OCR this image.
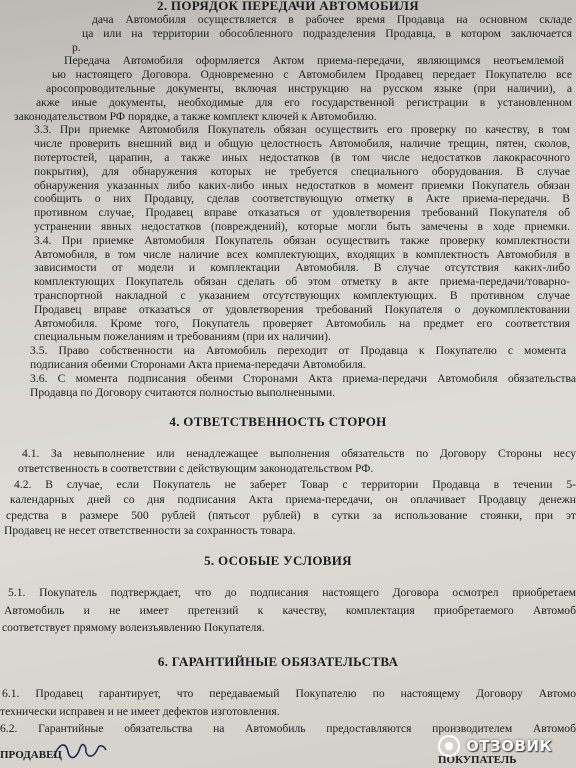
2. ПОРЯДОК ПЕРЕДАЧИ АВТОМОБИЛЯ
дача Автомобиля осуществляется в рабочее время Продавца на основном складе
ца или на территории обособленного подразделения Продавца, в котором заключается
р.
Передача Автомобиля оформляется Актом приема-передачи, являющимся неотъемлемой
ью настоящего Договора. Одновременно с Автомобилем Продавец передает Покупателю все
аросопроводительные документы, включая инструкцию на русском языке (при наличии), а
акже иные документы, необходимые для его государственной регистрации в установленном
законодательством РФ порядке, а также комплект ключей к Автомобилю.
3.3. При приемке Автомобиля Покупатель обязан осуществить его проверку по качеству, в том
числе проверить внешний вид и общую целостность Автомобиля, наличие трещин, пятен, сколов,
потертостей, царапин, а также иных недостатков (в том числе недостатков лакокрасочного
покрытия), для обнаружения которых не требуется специального оборудования. В случае
обнаружения указанных либо каких-либо иных недостатков в момент приемки Покупатель обязан
сообщить о них Продавцу, сделав соответствующую отметку в Акте приема-передачи. В
противном случае, Продавец вправе отказаться от удовлетворения требований Покупателя об
устранении явных недостатков (повреждений), которые могли быть замечены в ходе приемки.
3.4. При приемке Автомобиля Покупатель обязан осуществить также проверку комплектности
Автомобиля, в том числе наличие всех комплектующих, входящих в комплектность Автомобиля в
зависимости от модели и комплектации Автомобиля. В случае отсутствия каких-либо
комплектующих Покупатель обязан сделать об этом отметку в акте приема-передачи/товарно-
транспортной накладной с указанием отсутствующих комплектующих. В противном случае
Продавец вправе отказаться от удовлетворения требований Покупателя о доукомплектовании
Автомобиля. Кроме того, Покупатель проверяет Автомобиль на предмет его соответствия
специальным пожеланиям и требованиям (при их наличии).
3.5. Право собственности на Автомобиль переходит от Продавца к Покупателю с момента
подписания обеими Сторонами Акта приема-передачи Автомобиля.
3.6. С момента подписания обеими Сторонами Акта приема-передачи Автомобиля обязательства
Продавца по Договору считаются полностью выполненными.
4. ОТВЕТСТВЕННОСТЬ СТОРОН
4.1. За невыполнение или ненадлежащее выполнения обязательств по Договору Стороны несу
ответственность в соответствии с действующим законодательством РФ.
4.2. В случае, если Покупатель не заберет Товар с территории Продавца в течении 5-
календарных дней со дня подписания Акта приема-передачи, он оплачивает Продавцу денежн
средства в размере 500 рублей (пятьсот рублей) в сутки за использование стоянки, при эт
Продавец не несет ответственности за сохранность товара.
5. ОСОБЫЕ УСЛОВИЯ
5.1. Покупатель подтверждает, что до подписания настоящего Договора осмотрел приобретаем
Автомобиль и не имеет претензий к качеству, комплектация приобретаемого Автомоб
соответствует прямому волеизъявлению Покупателя.
6. ГАРАНТИЙНЫЕ ОБЯЗАТЕЛЬСТВА
6.1. Продавец гарантирует, что передаваемый Покупателю по настоящему Договору Автомо
технически исправен и не имеет дефектов изготовления.
6.2. Гарантийные обязательства на Автомобиль предоставляются производителем Автомоб
ПРОДАВЕЦ	ПОКУПАТЕЛЬ
ОТЗОВИК
